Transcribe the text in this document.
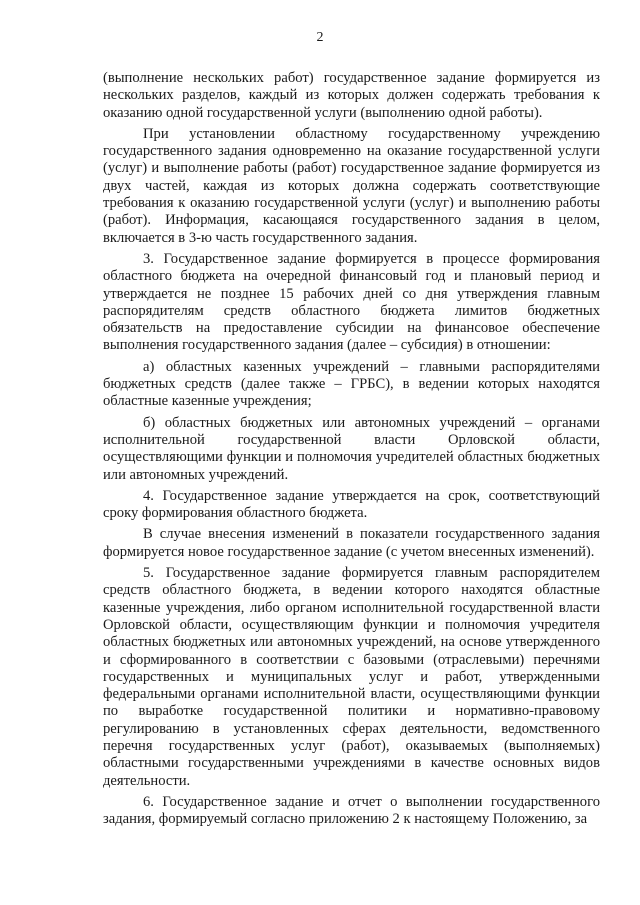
2

(выполнение нескольких работ) государственное задание формируется из нескольких разделов, каждый из которых должен содержать требования к оказанию одной государственной услуги (выполнению одной работы).

При установлении областному государственному учреждению государственного задания одновременно на оказание государственной услуги (услуг) и выполнение работы (работ) государственное задание формируется из двух частей, каждая из которых должна содержать соответствующие требования к оказанию государственной услуги (услуг) и выполнению работы (работ). Информация, касающаяся государственного задания в целом, включается в 3-ю часть государственного задания.

3. Государственное задание формируется в процессе формирования областного бюджета на очередной финансовый год и плановый период и утверждается не позднее 15 рабочих дней со дня утверждения главным распорядителям средств областного бюджета лимитов бюджетных обязательств на предоставление субсидии на финансовое обеспечение выполнения государственного задания (далее – субсидия) в отношении:

а) областных казенных учреждений – главными распорядителями бюджетных средств (далее также – ГРБС), в ведении которых находятся областные казенные учреждения;

б) областных бюджетных или автономных учреждений – органами исполнительной государственной власти Орловской области, осуществляющими функции и полномочия учредителей областных бюджетных или автономных учреждений.

4. Государственное задание утверждается на срок, соответствующий сроку формирования областного бюджета.

В случае внесения изменений в показатели государственного задания формируется новое государственное задание (с учетом внесенных изменений).

5. Государственное задание формируется главным распорядителем средств областного бюджета, в ведении которого находятся областные казенные учреждения, либо органом исполнительной государственной власти Орловской области, осуществляющим функции и полномочия учредителя областных бюджетных или автономных учреждений, на основе утвержденного и сформированного в соответствии с базовыми (отраслевыми) перечнями государственных и муниципальных услуг и работ, утвержденными федеральными органами исполнительной власти, осуществляющими функции по выработке государственной политики и нормативно-правовому регулированию в установленных сферах деятельности, ведомственного перечня государственных услуг (работ), оказываемых (выполняемых) областными государственными учреждениями в качестве основных видов деятельности.

6. Государственное задание и отчет о выполнении государственного задания, формируемый согласно приложению 2 к настоящему Положению, за
